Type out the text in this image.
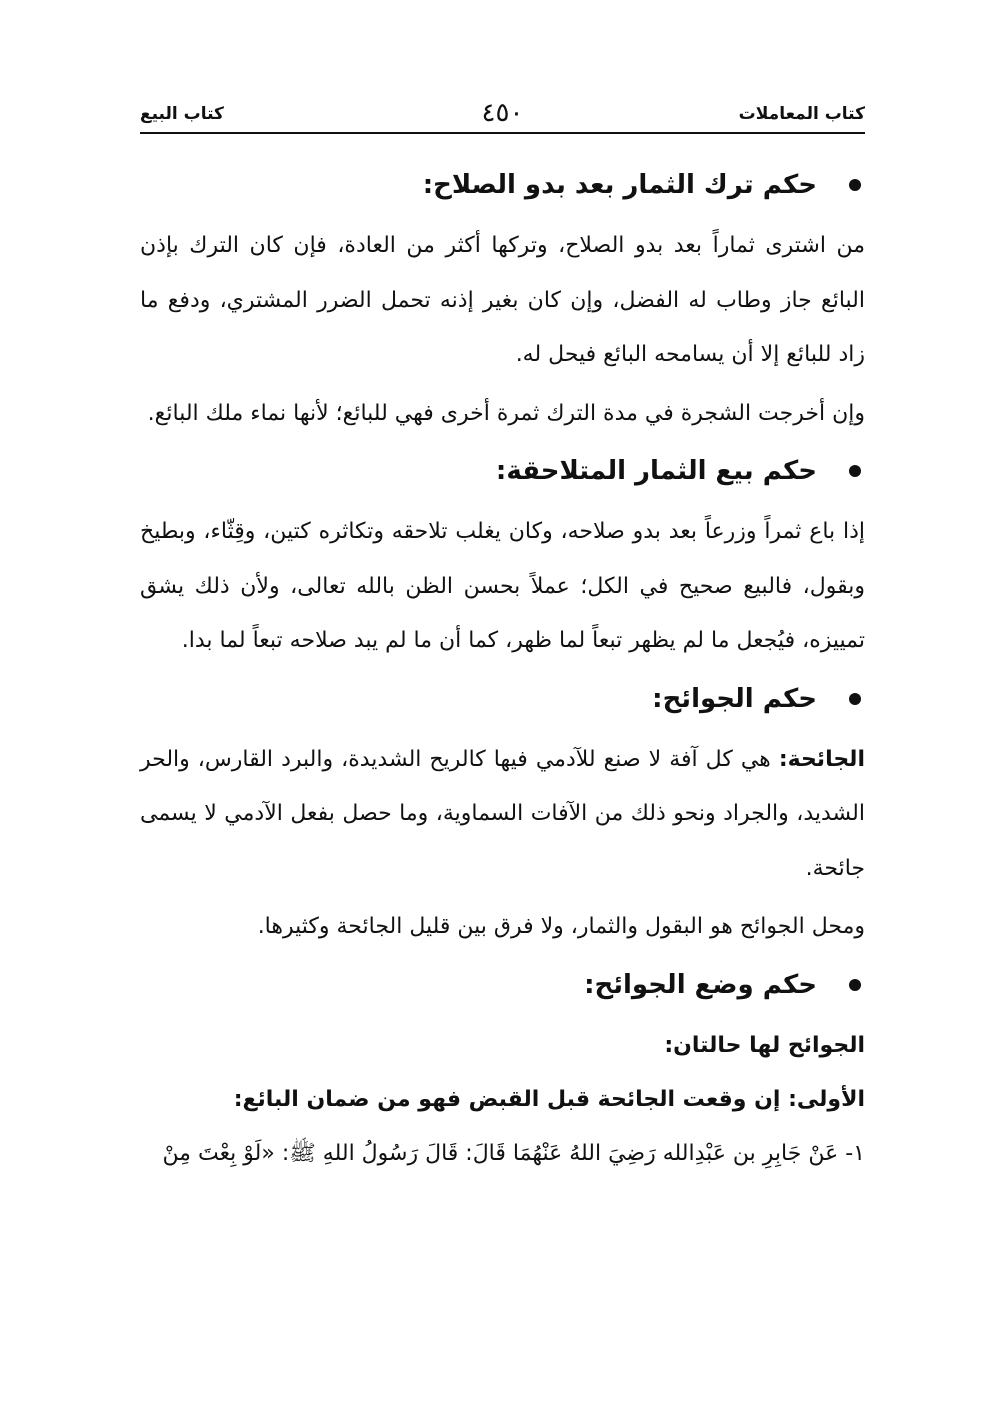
كتاب المعاملات
٤٥٠
كتاب البيع
حكم ترك الثمار بعد بدو الصلاح:

من اشترى ثماراً بعد بدو الصلاح، وتركها أكثر من العادة، فإن كان الترك بإذن البائع جاز وطاب له الفضل، وإن كان بغير إذنه تحمل الضرر المشتري، ودفع ما زاد للبائع إلا أن يسامحه البائع فيحل له.

وإن أخرجت الشجرة في مدة الترك ثمرة أخرى فهي للبائع؛ لأنها نماء ملك البائع.

حكم بيع الثمار المتلاحقة:

إذا باع ثمراً وزرعاً بعد بدو صلاحه، وكان يغلب تلاحقه وتكاثره كتين، وقِثّاء، وبطيخ وبقول، فالبيع صحيح في الكل؛ عملاً بحسن الظن بالله تعالى، ولأن ذلك يشق تمييزه، فيُجعل ما لم يظهر تبعاً لما ظهر، كما أن ما لم يبد صلاحه تبعاً لما بدا.

حكم الجوائح:

الجائحة: هي كل آفة لا صنع للآدمي فيها كالريح الشديدة، والبرد القارس، والحر الشديد، والجراد ونحو ذلك من الآفات السماوية، وما حصل بفعل الآدمي لا يسمى جائحة.

ومحل الجوائح هو البقول والثمار، ولا فرق بين قليل الجائحة وكثيرها.

حكم وضع الجوائح:

الجوائح لها حالتان:

الأولى: إن وقعت الجائحة قبل القبض فهو من ضمان البائع:

١- عَنْ جَابِرِ بن عَبْدِالله رَضِيَ اللهُ عَنْهُمَا قَالَ: قَالَ رَسُولُ اللهِ ﷺ: «لَوْ بِعْتَ مِنْ
